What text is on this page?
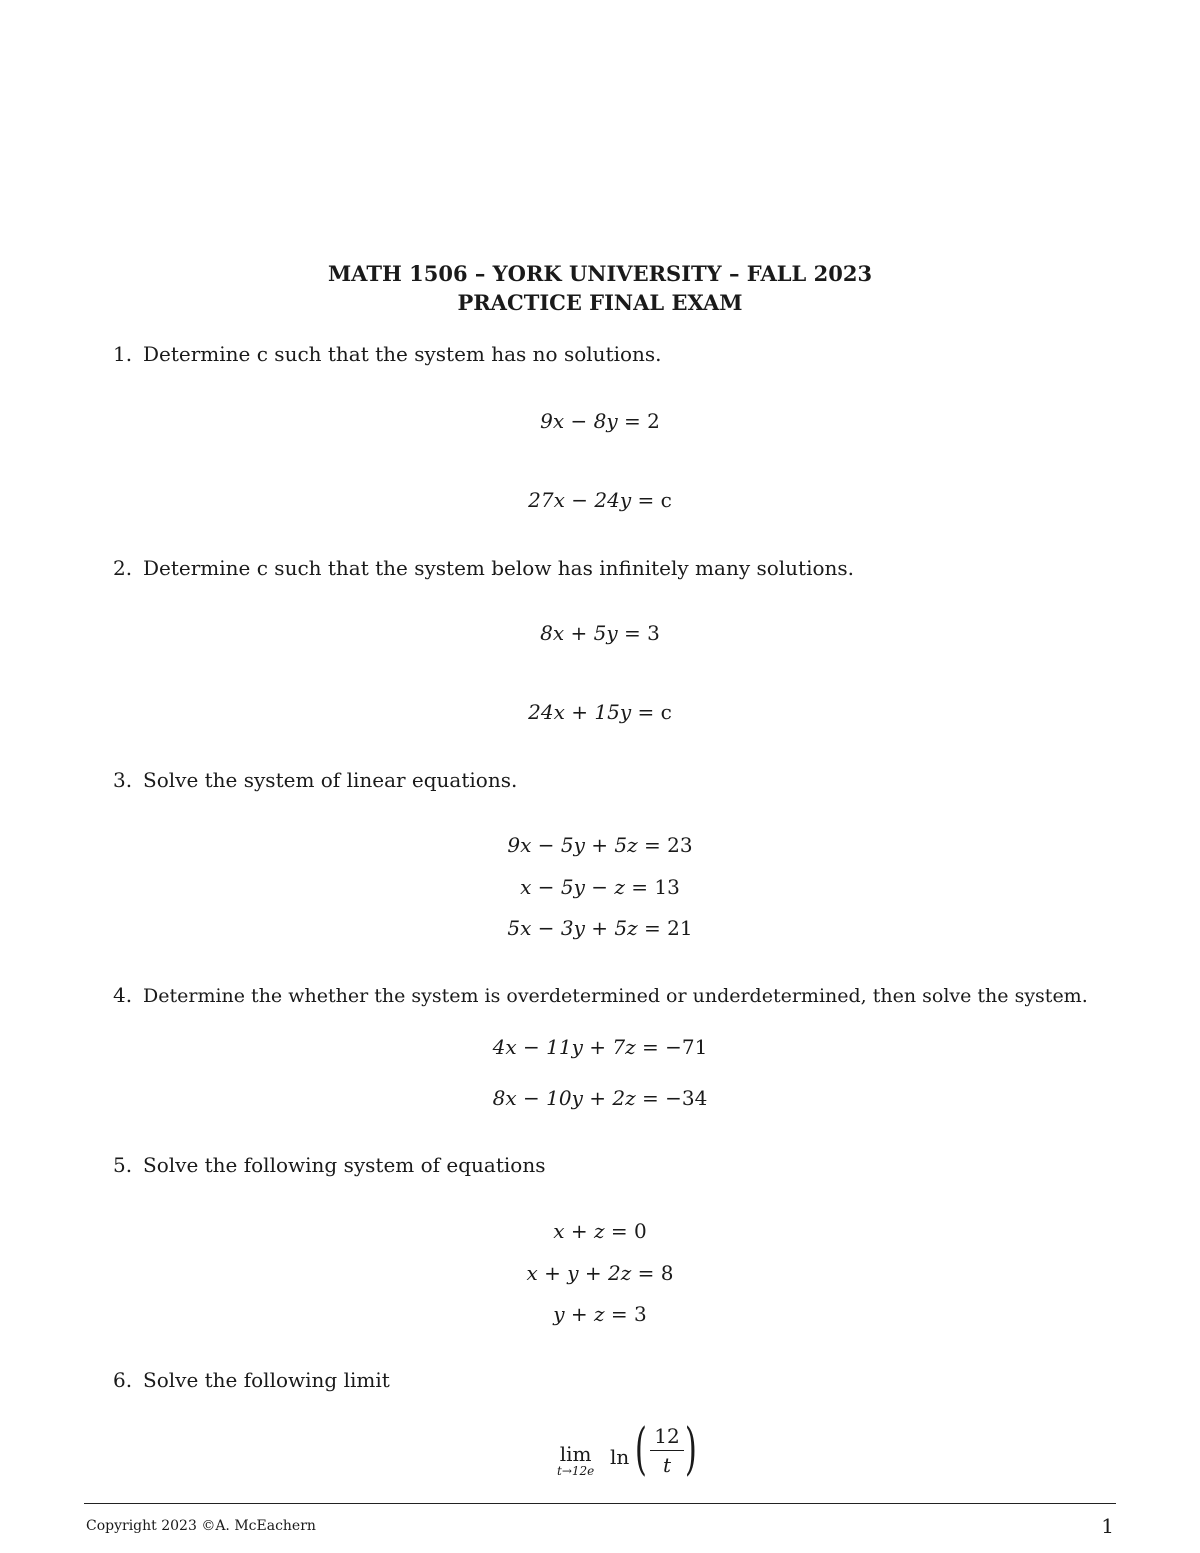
MATH 1506 – YORK UNIVERSITY – FALL 2023
PRACTICE FINAL EXAM
1. Determine c such that the system has no solutions.
9x − 8y = 2
27x − 24y = c
2. Determine c such that the system below has infinitely many solutions.
8x + 5y = 3
24x + 15y = c
3. Solve the system of linear equations.
9x − 5y + 5z = 23
x − 5y − z = 13
5x − 3y + 5z = 21
4. Determine the whether the system is overdetermined or underdetermined, then solve the system.
4x − 11y + 7z = −71
8x − 10y + 2z = −34
5. Solve the following system of equations
x + z = 0
x + y + 2z = 8
y + z = 3
6. Solve the following limit
lim
t→12e
ln ( 12
t )
Copyright 2023 ©A. McEachern	1
